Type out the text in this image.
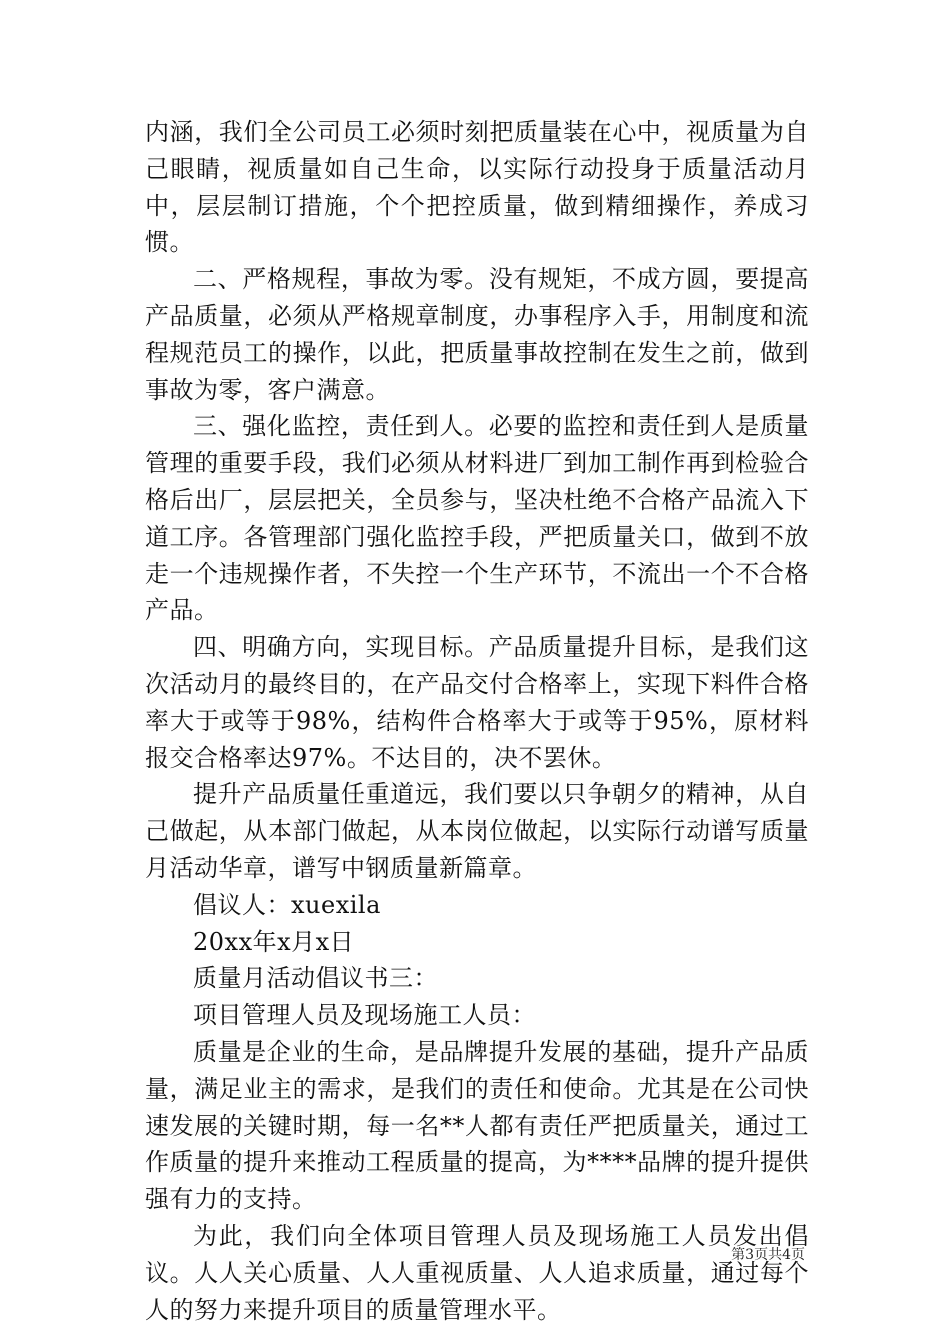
内涵，我们全公司员工必须时刻把质量装在心中，视质量为自己眼睛，视质量如自己生命，以实际行动投身于质量活动月中，层层制订措施，个个把控质量，做到精细操作，养成习惯。

二、严格规程，事故为零。没有规矩，不成方圆，要提高产品质量，必须从严格规章制度，办事程序入手，用制度和流程规范员工的操作，以此，把质量事故控制在发生之前，做到事故为零，客户满意。

三、强化监控，责任到人。必要的监控和责任到人是质量管理的重要手段，我们必须从材料进厂到加工制作再到检验合格后出厂，层层把关，全员参与，坚决杜绝不合格产品流入下道工序。各管理部门强化监控手段，严把质量关口，做到不放走一个违规操作者，不失控一个生产环节，不流出一个不合格产品。

四、明确方向，实现目标。产品质量提升目标，是我们这次活动月的最终目的，在产品交付合格率上，实现下料件合格率大于或等于98%，结构件合格率大于或等于95%，原材料报交合格率达97%。不达目的，决不罢休。

提升产品质量任重道远，我们要以只争朝夕的精神，从自己做起，从本部门做起，从本岗位做起，以实际行动谱写质量月活动华章，谱写中钢质量新篇章。

倡议人：xuexila

20xx年x月x日

质量月活动倡议书三：

项目管理人员及现场施工人员：

质量是企业的生命，是品牌提升发展的基础，提升产品质量，满足业主的需求，是我们的责任和使命。尤其是在公司快速发展的关键时期，每一名**人都有责任严把质量关，通过工作质量的提升来推动工程质量的提高，为****品牌的提升提供强有力的支持。

为此，我们向全体项目管理人员及现场施工人员发出倡议。人人关心质量、人人重视质量、人人追求质量，通过每个人的努力来提升项目的质量管理水平。

第3页共4页
